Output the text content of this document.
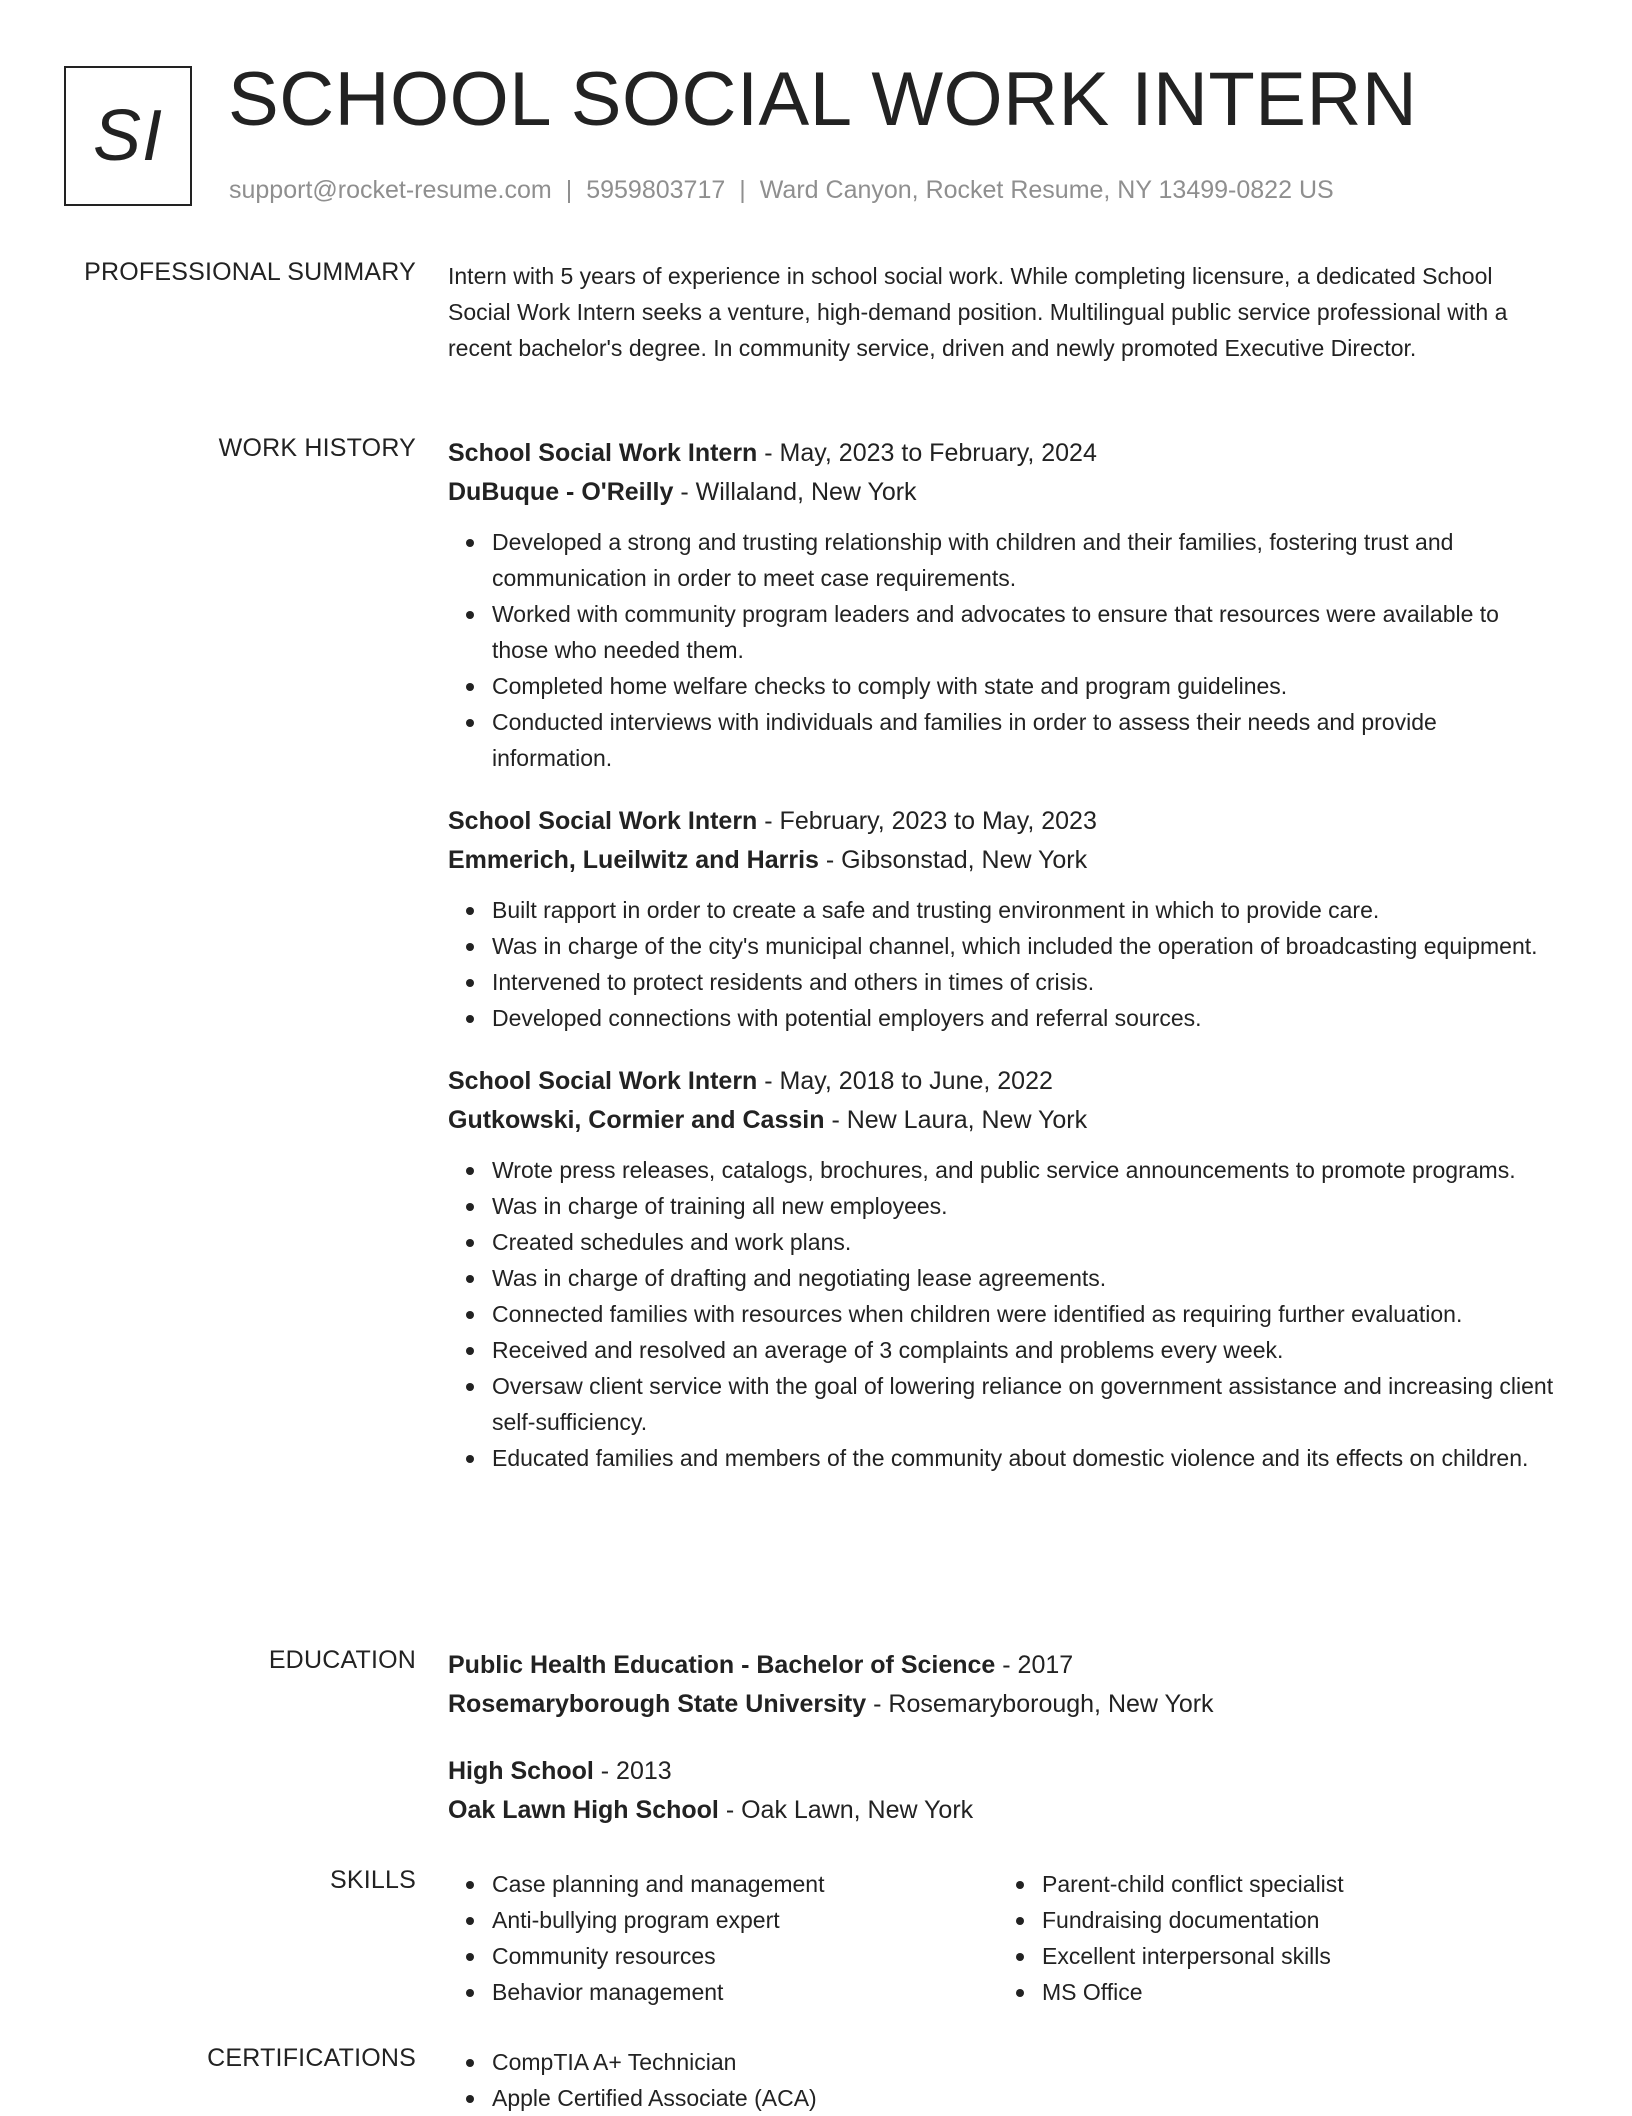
SI SCHOOL SOCIAL WORK INTERN
support@rocket-resume.com | 5959803717 | Ward Canyon, Rocket Resume, NY 13499-0822 US
PROFESSIONAL SUMMARY Intern with 5 years of experience in school social work. While completing licensure, a dedicated School Social Work Intern seeks a venture, high-demand position. Multilingual public service professional with a recent bachelor's degree. In community service, driven and newly promoted Executive Director.

WORK HISTORY School Social Work Intern - May, 2023 to February, 2024
DuBuque - O'Reilly - Willaland, New York
Developed a strong and trusting relationship with children and their families, fostering trust and communication in order to meet case requirements.
Worked with community program leaders and advocates to ensure that resources were available to those who needed them.
Completed home welfare checks to comply with state and program guidelines.
Conducted interviews with individuals and families in order to assess their needs and provide information.
School Social Work Intern - February, 2023 to May, 2023
Emmerich, Lueilwitz and Harris - Gibsonstad, New York
Built rapport in order to create a safe and trusting environment in which to provide care.
Was in charge of the city's municipal channel, which included the operation of broadcasting equipment.
Intervened to protect residents and others in times of crisis.
Developed connections with potential employers and referral sources.
School Social Work Intern - May, 2018 to June, 2022
Gutkowski, Cormier and Cassin - New Laura, New York
Wrote press releases, catalogs, brochures, and public service announcements to promote programs.
Was in charge of training all new employees.
Created schedules and work plans.
Was in charge of drafting and negotiating lease agreements.
Connected families with resources when children were identified as requiring further evaluation.
Received and resolved an average of 3 complaints and problems every week.
Oversaw client service with the goal of lowering reliance on government assistance and increasing client self-sufficiency.
Educated families and members of the community about domestic violence and its effects on children.
EDUCATION Public Health Education - Bachelor of Science - 2017
Rosemaryborough State University - Rosemaryborough, New York
High School - 2013
Oak Lawn High School - Oak Lawn, New York
SKILLS	Case planning and management
Anti-bullying program expert
Community resources
Behavior management
Parent-child conflict specialist
Fundraising documentation
Excellent interpersonal skills
MS Office
CERTIFICATIONS	CompTIA A+ Technician
Apple Certified Associate (ACA)
